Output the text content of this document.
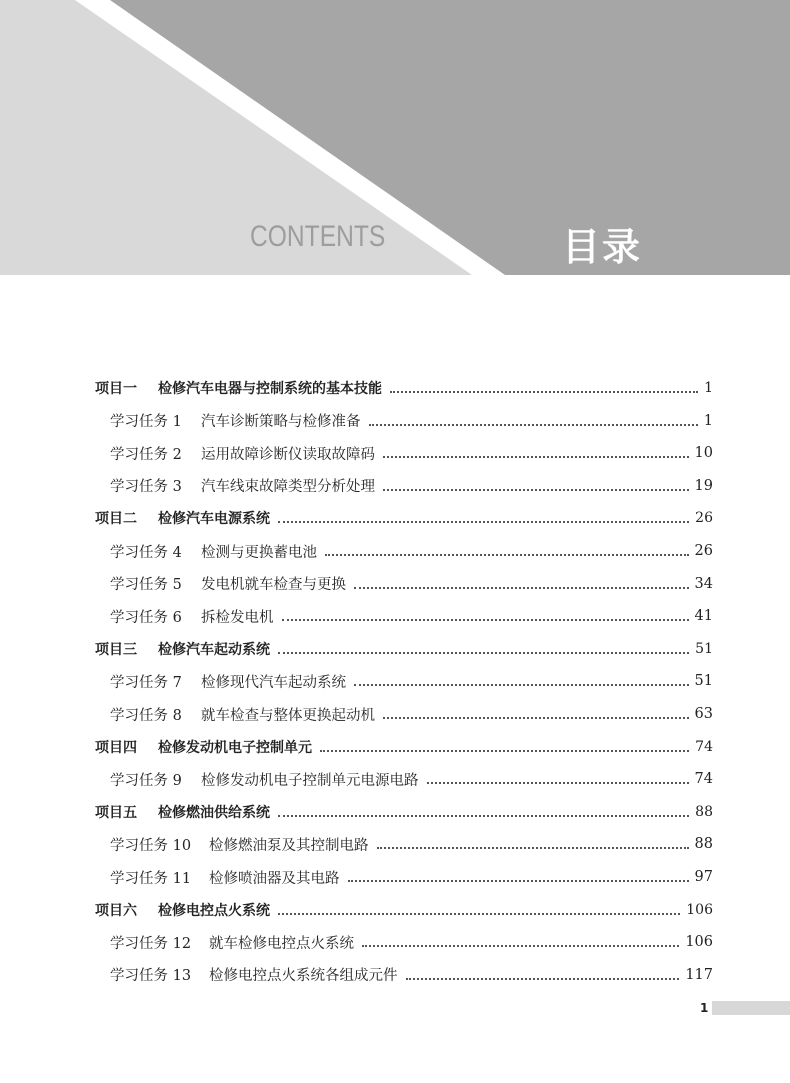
CONTENTS	目录
项目一	检修汽车电器与控制系统的基本技能	1
学习任务 1	汽车诊断策略与检修准备	1
学习任务 2	运用故障诊断仪读取故障码	10
学习任务 3	汽车线束故障类型分析处理	19
项目二	检修汽车电源系统	26
学习任务 4	检测与更换蓄电池	26
学习任务 5	发电机就车检查与更换	34
学习任务 6	拆检发电机	41
项目三	检修汽车起动系统	51
学习任务 7	检修现代汽车起动系统	51
学习任务 8	就车检查与整体更换起动机	63
项目四	检修发动机电子控制单元	74
学习任务 9	检修发动机电子控制单元电源电路	74
项目五	检修燃油供给系统	88
学习任务 10	检修燃油泵及其控制电路	88
学习任务 11	检修喷油器及其电路	97
项目六	检修电控点火系统	106
学习任务 12	就车检修电控点火系统	106
学习任务 13	检修电控点火系统各组成元件	117
1
